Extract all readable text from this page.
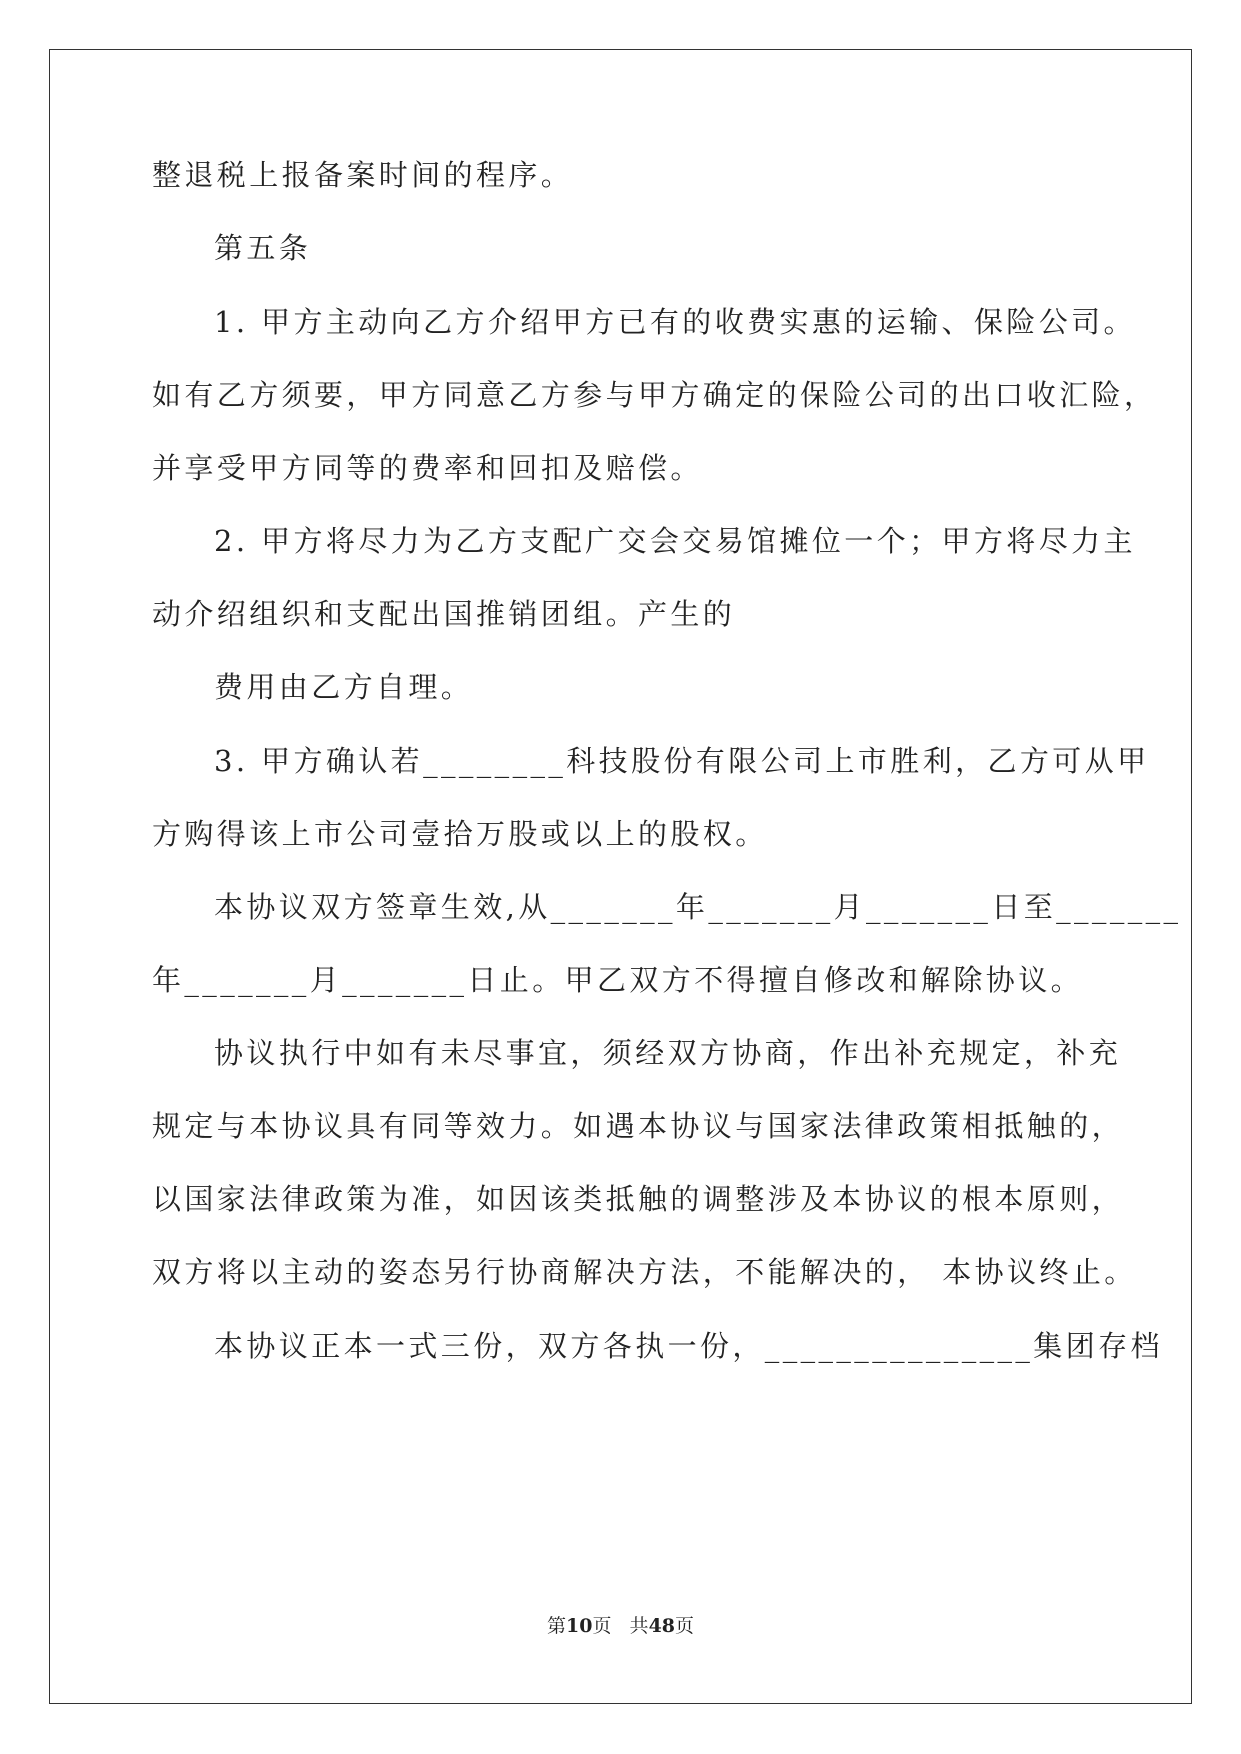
整退税上报备案时间的程序。
第五条
1. 甲方主动向乙方介绍甲方已有的收费实惠的运输、保险公司。
如有乙方须要，甲方同意乙方参与甲方确定的保险公司的出口收汇险，
并享受甲方同等的费率和回扣及赔偿。
2. 甲方将尽力为乙方支配广交会交易馆摊位一个；甲方将尽力主
动介绍组织和支配出国推销团组。产生的
费用由乙方自理。
3. 甲方确认若________科技股份有限公司上市胜利，乙方可从甲
方购得该上市公司壹拾万股或以上的股权。
本协议双方签章生效,从_______年_______月_______日至_______
年_______月_______日止。甲乙双方不得擅自修改和解除协议。
协议执行中如有未尽事宜，须经双方协商，作出补充规定，补充
规定与本协议具有同等效力。如遇本协议与国家法律政策相抵触的，
以国家法律政策为准，如因该类抵触的调整涉及本协议的根本原则，
双方将以主动的姿态另行协商解决方法，不能解决的， 本协议终止。
本协议正本一式三份，双方各执一份，_______________集团存档
第10页   共48页
